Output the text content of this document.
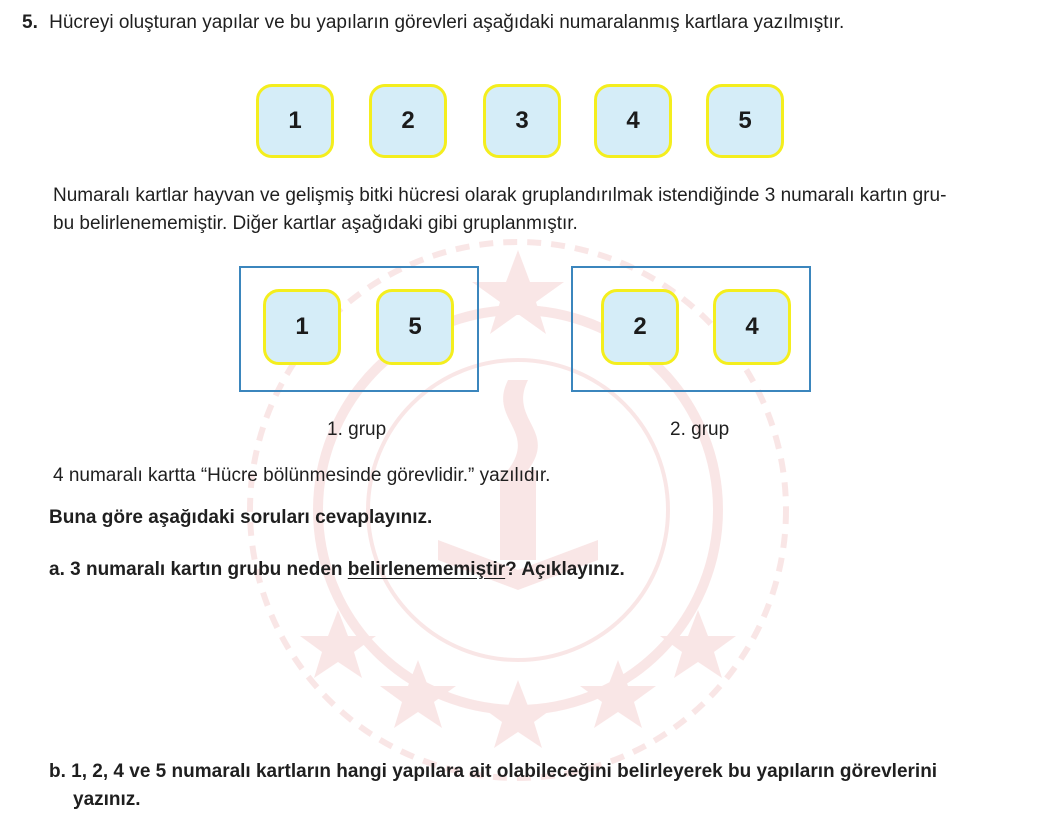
5. Hücreyi oluşturan yapılar ve bu yapıların görevleri aşağıdaki numaralanmış kartlara yazılmıştır.
1	2	3	4	5
Numaralı kartlar hayvan ve gelişmiş bitki hücresi olarak gruplandırılmak istendiğinde 3 numaralı kartın gru-
bu belirlenememiştir. Diğer kartlar aşağıdaki gibi gruplanmıştır.
1	5
1. grup
2	4
2. grup
4 numaralı kartta “Hücre bölünmesinde görevlidir.” yazılıdır.
Buna göre aşağıdaki soruları cevaplayınız.
a. 3 numaralı kartın grubu neden belirlenememiştir? Açıklayınız.
b. 1, 2, 4 ve 5 numaralı kartların hangi yapılara ait olabileceğini belirleyerek bu yapıların görevlerini
yazınız.
